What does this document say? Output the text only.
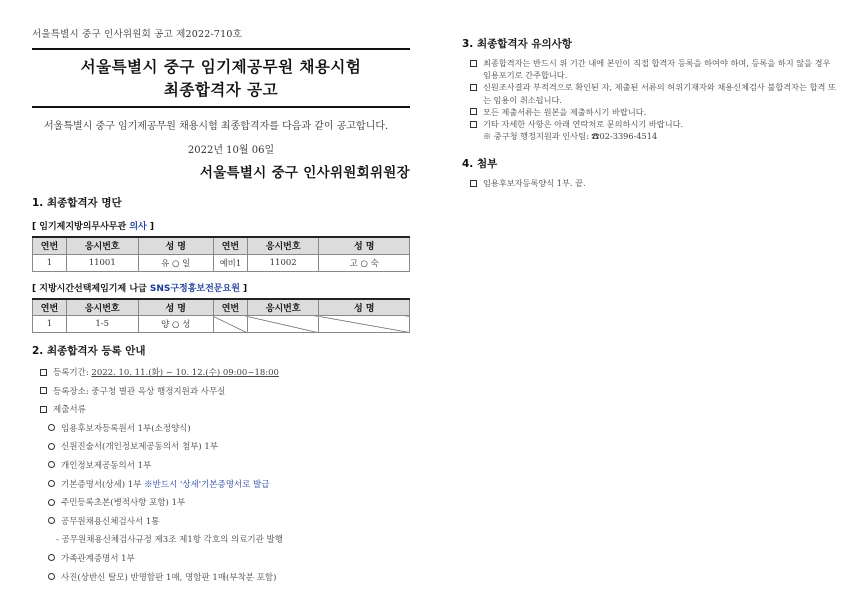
서울특별시 중구 인사위원회 공고 제2022-710호
서울특별시 중구 임기제공무원 채용시험
최종합격자 공고
서울특별시 중구 임기제공무원 채용시험 최종합격자를 다음과 같이 공고합니다.
2022년 10월 06일
서울특별시 중구 인사위원회위원장
1. 최종합격자 명단
[ 임기제지방의무사무관 의사 ]
연번	응시번호	성 명	연번	응시번호	성 명
1	11001	유 ○ 일	예비1	11002	고 ○ 숙
[ 지방시간선택제임기제 나급 SNS구정홍보전문요원 ]
연번	응시번호	성 명	연번	응시번호	성 명
1	1-5	양 ○ 성			
2. 최종합격자 등록 안내
등록기간: 2022. 10. 11.(화) ~ 10. 12.(수) 09:00~18:00
등록장소: 중구청 별관 옥상 행정지원과 사무실
제출서류
임용후보자등록원서 1부(소정양식)
신원진술서(개인정보제공동의서 첨부) 1부
개인정보제공동의서 1부
기본증명서(상세) 1부 ※반드시 '상세'기본증명서로 발급
주민등록초본(병적사항 포함) 1부
공무원채용신체검사서 1통
- 공무원채용신체검사규정 제3조 제1항 각호의 의료기관 발행
가족관계증명서 1부
사진(상반신 탈모) 반명함판 1매, 명함판 1매(부착분 포함)
3. 최종합격자 유의사항
최종합격자는 반드시 위 기간 내에 본인이 직접 합격자 등록을 하여야 하며, 등록을 하지 않을 경우 임용포기로 간주합니다.
신원조사결과 부적격으로 확인된 자, 제출된 서류의 허위기재자와 채용신체검사 불합격자는 합격 또는 임용이 취소됩니다.
모든 제출서류는 원본을 제출하시기 바랍니다.
기타 자세한 사항은 아래 연락처로 문의하시기 바랍니다.
※ 중구청 행정지원과 인사팀: ☎02-3396-4514
4. 첨부
임용후보자등록양식 1부. 끝.
